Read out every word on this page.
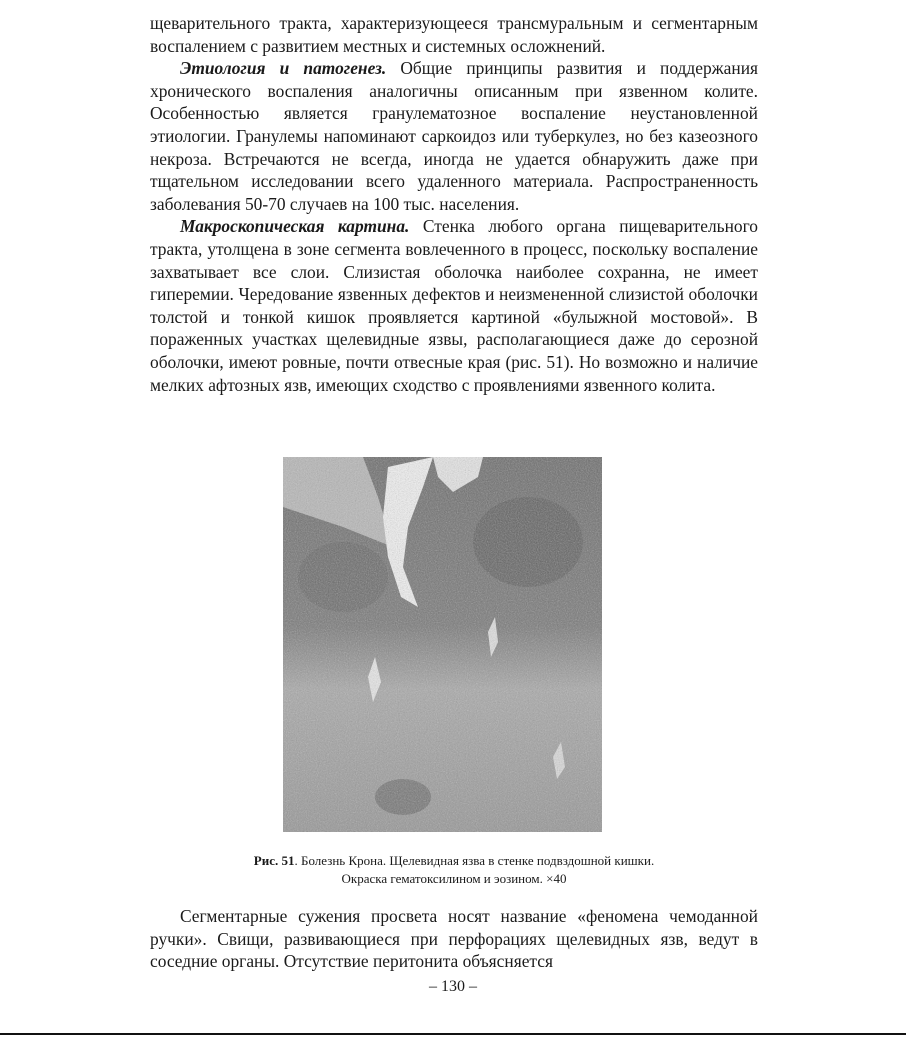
щеварительного тракта, характеризующееся трансмуральным и сегментарным воспалением с развитием местных и системных осложнений.

Этиология и патогенез. Общие принципы развития и поддержания хронического воспаления аналогичны описанным при язвенном колите. Особенностью является гранулематозное воспаление неустановленной этиологии. Гранулемы напоминают саркоидоз или туберкулез, но без казеозного некроза. Встречаются не всегда, иногда не удается обнаружить даже при тщательном исследовании всего удаленного материала. Распространенность заболевания 50-70 случаев на 100 тыс. населения.

Макроскопическая картина. Стенка любого органа пищеварительного тракта, утолщена в зоне сегмента вовлеченного в процесс, поскольку воспаление захватывает все слои. Слизистая оболочка наиболее сохранна, не имеет гиперемии. Чередование язвенных дефектов и неизмененной слизистой оболочки толстой и тонкой кишок проявляется картиной «булыжной мостовой». В пораженных участках щелевидные язвы, располагающиеся даже до серозной оболочки, имеют ровные, почти отвесные края (рис. 51). Но возможно и наличие мелких афтозных язв, имеющих сходство с проявлениями язвенного колита.

Рис. 51. Болезнь Крона. Щелевидная язва в стенке подвздошной кишки.
Окраска гематоксилином и эозином. ×40

Сегментарные сужения просвета носят название «феномена чемоданной ручки». Свищи, развивающиеся при перфорациях щелевидных язв, ведут в соседние органы. Отсутствие перитонита объясняется

– 130 –
